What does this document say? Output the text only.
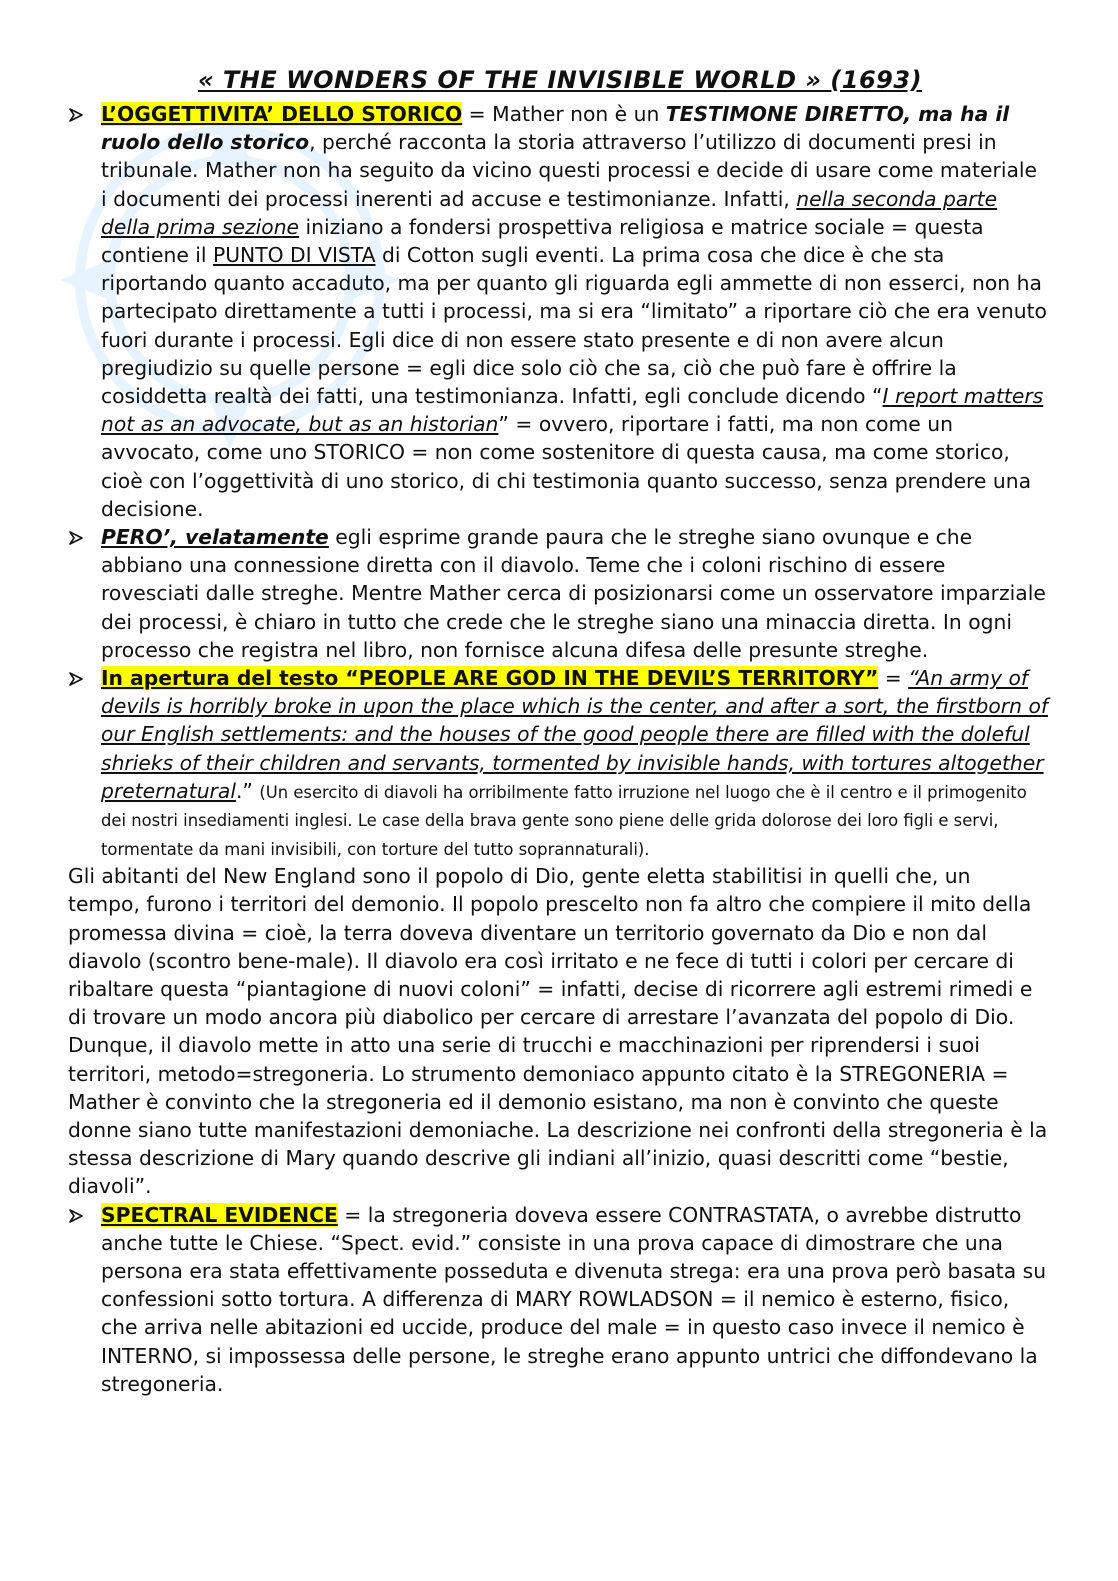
« THE WONDERS OF THE INVISIBLE WORLD » (1693)
L’OGGETTIVITA’ DELLO STORICO = Mather non è un TESTIMONE DIRETTO, ma ha il ruolo dello storico, perché racconta la storia attraverso l’utilizzo di documenti presi in tribunale. Mather non ha seguito da vicino questi processi e decide di usare come materiale i documenti dei processi inerenti ad accuse e testimonianze. Infatti, nella seconda parte della prima sezione iniziano a fondersi prospettiva religiosa e matrice sociale = questa contiene il PUNTO DI VISTA di Cotton sugli eventi. La prima cosa che dice è che sta riportando quanto accaduto, ma per quanto gli riguarda egli ammette di non esserci, non ha partecipato direttamente a tutti i processi, ma si era “limitato” a riportare ciò che era venuto fuori durante i processi. Egli dice di non essere stato presente e di non avere alcun pregiudizio su quelle persone = egli dice solo ciò che sa, ciò che può fare è offrire la cosiddetta realtà dei fatti, una testimonianza. Infatti, egli conclude dicendo “I report matters not as an advocate, but as an historian” = ovvero, riportare i fatti, ma non come un avvocato, come uno STORICO = non come sostenitore di questa causa, ma come storico, cioè con l’oggettività di uno storico, di chi testimonia quanto successo, senza prendere una decisione.
PERO’, velatamente egli esprime grande paura che le streghe siano ovunque e che abbiano una connessione diretta con il diavolo. Teme che i coloni rischino di essere rovesciati dalle streghe. Mentre Mather cerca di posizionarsi come un osservatore imparziale dei processi, è chiaro in tutto che crede che le streghe siano una minaccia diretta. In ogni processo che registra nel libro, non fornisce alcuna difesa delle presunte streghe.
In apertura del testo “PEOPLE ARE GOD IN THE DEVIL’S TERRITORY” = “An army of devils is horribly broke in upon the place which is the center, and after a sort, the firstborn of our English settlements: and the houses of the good people there are filled with the doleful shrieks of their children and servants, tormented by invisible hands, with tortures altogether preternatural.” (Un esercito di diavoli ha orribilmente fatto irruzione nel luogo che è il centro e il primogenito dei nostri insediamenti inglesi. Le case della brava gente sono piene delle grida dolorose dei loro figli e servi, tormentate da mani invisibili, con torture del tutto soprannaturali).
Gli abitanti del New England sono il popolo di Dio, gente eletta stabilitisi in quelli che, un tempo, furono i territori del demonio. Il popolo prescelto non fa altro che compiere il mito della promessa divina = cioè, la terra doveva diventare un territorio governato da Dio e non dal diavolo (scontro bene-male). Il diavolo era così irritato e ne fece di tutti i colori per cercare di ribaltare questa “piantagione di nuovi coloni” = infatti, decise di ricorrere agli estremi rimedi e di trovare un modo ancora più diabolico per cercare di arrestare l’avanzata del popolo di Dio. Dunque, il diavolo mette in atto una serie di trucchi e macchinazioni per riprendersi i suoi territori, metodo=stregoneria. Lo strumento demoniaco appunto citato è la STREGONERIA = Mather è convinto che la stregoneria ed il demonio esistano, ma non è convinto che queste donne siano tutte manifestazioni demoniache. La descrizione nei confronti della stregoneria è la stessa descrizione di Mary quando descrive gli indiani all’inizio, quasi descritti come “bestie, diavoli”.
SPECTRAL EVIDENCE = la stregoneria doveva essere CONTRASTATA, o avrebbe distrutto anche tutte le Chiese. “Spect. evid.” consiste in una prova capace di dimostrare che una persona era stata effettivamente posseduta e divenuta strega: era una prova però basata su confessioni sotto tortura. A differenza di MARY ROWLADSON = il nemico è esterno, fisico, che arriva nelle abitazioni ed uccide, produce del male = in questo caso invece il nemico è INTERNO, si impossessa delle persone, le streghe erano appunto untrici che diffondevano la stregoneria.
